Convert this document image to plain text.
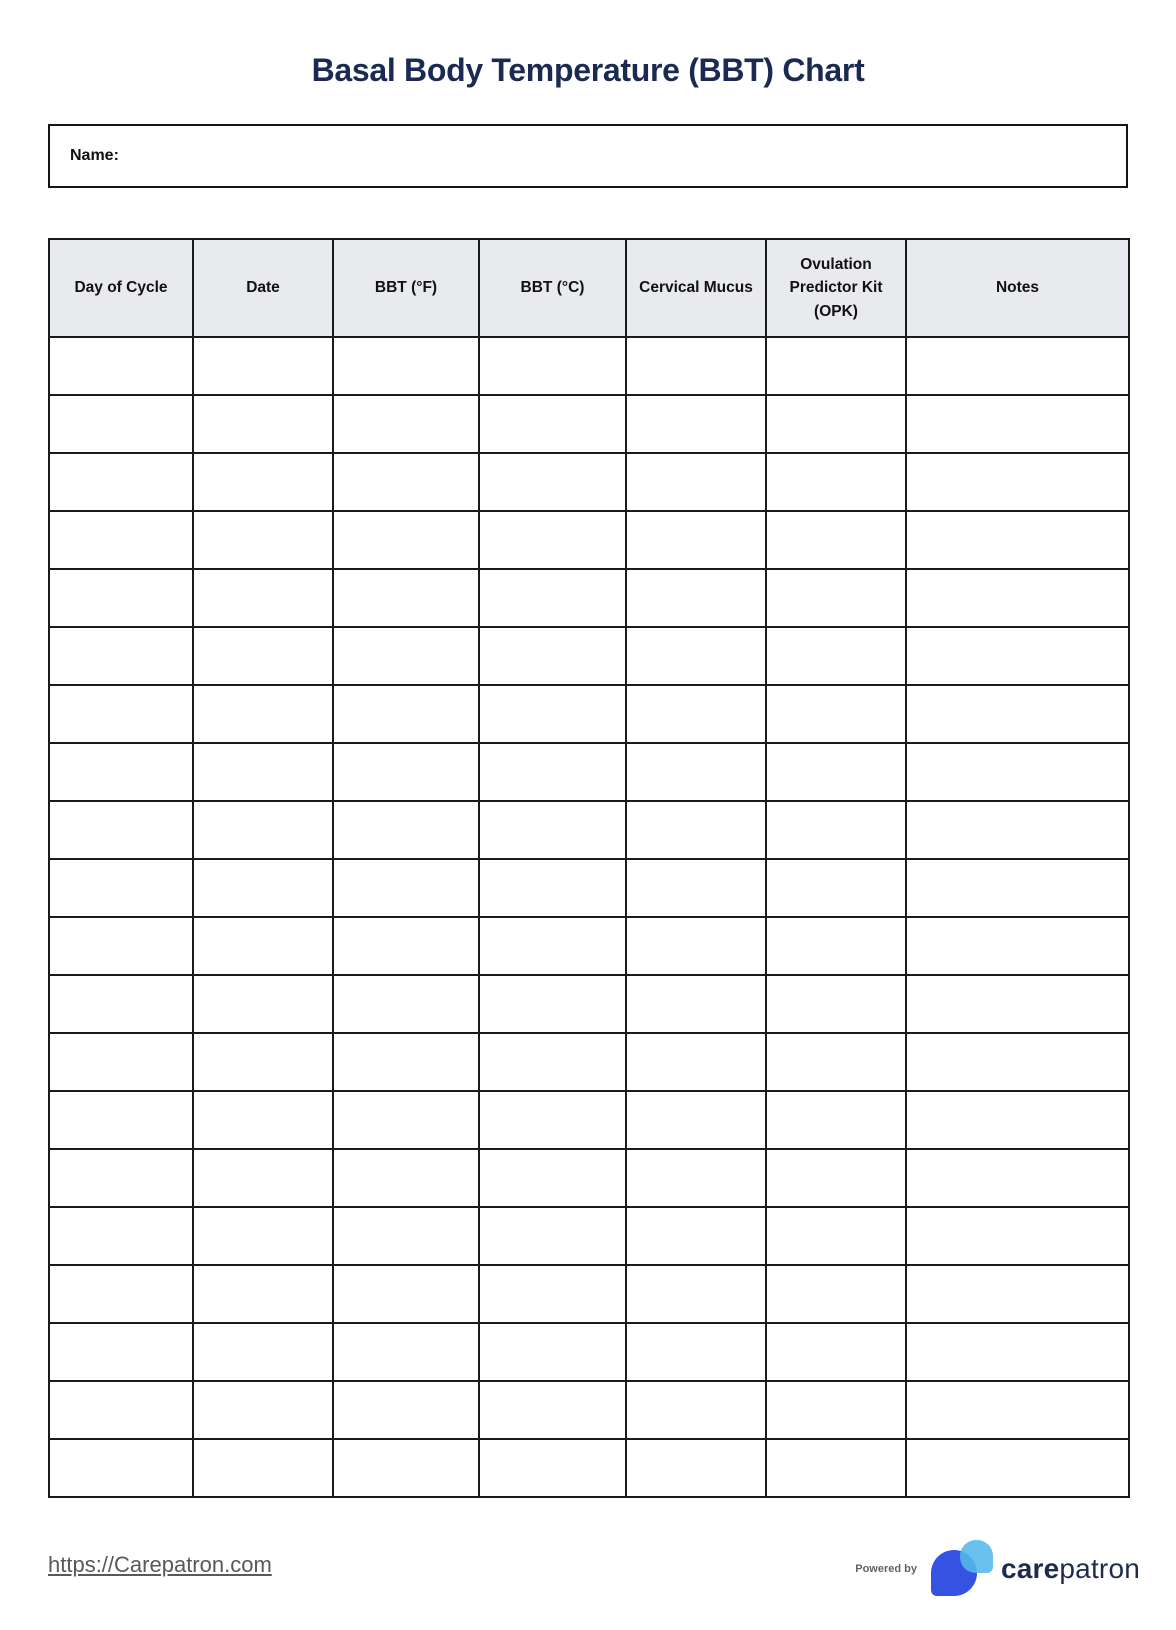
Basal Body Temperature (BBT) Chart
Name:
Day of Cycle	Date	BBT (°F)	BBT (°C)	Cervical Mucus	Ovulation Predictor Kit (OPK)	Notes

https://Carepatron.com	Powered by	carepatron
